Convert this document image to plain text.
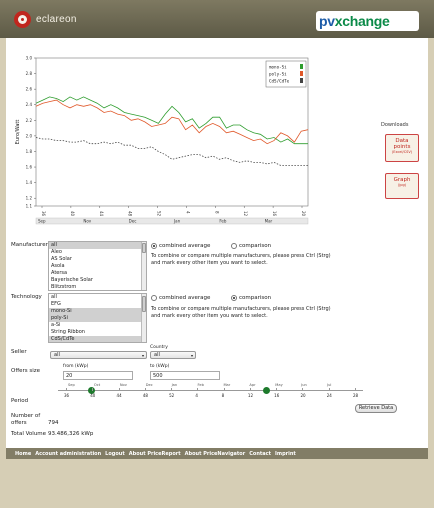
eclareon	pvxchange
3.0
2.8
2.6
2.4
2.2
2.0
1.8
1.6
1.4
1.2
1.1
Euro/Watt
36	40	44	48	52	4	8	12	16	20
Sep	Nov	Dec	Jan	Feb	Mar
mono-Si
poly-Si
CdS/CdTe
Downloads
Data
points
(Excel/CSV)
Graph
(jpg)
Manufacturer all
Aleo
AS Solar
Asola
Atersa
Bayerische Solar
Blitzstrom
combined average	comparison
To combine or compare multiple manufacturers, please press Ctrl (Strg)
and mark every other item you want to select.
Technology	all
EFG
mono-Si
poly-Si
a-Si
String Ribbon
CdS/CdTe
combined average	comparison
To combine or compare multiple manufacturers, please press Ctrl (Strg)
and mark every other item you want to select.
Seller	all	▾
Country
all	▾
Offers size
from (kWp)
20
to (kWp)
500
Period
36	40	44	48	52	4	8	12	16	20	24	28
Sep	Oct	Nov	Dec	Jan	Feb	Mar	Apr	May	Jun	Jul
Retrieve Data
Number of
offers	794
Total Volume 93.486,326 kWp
Home Account administration Logout About PriceReport About PriceNavigator Contact Imprint
